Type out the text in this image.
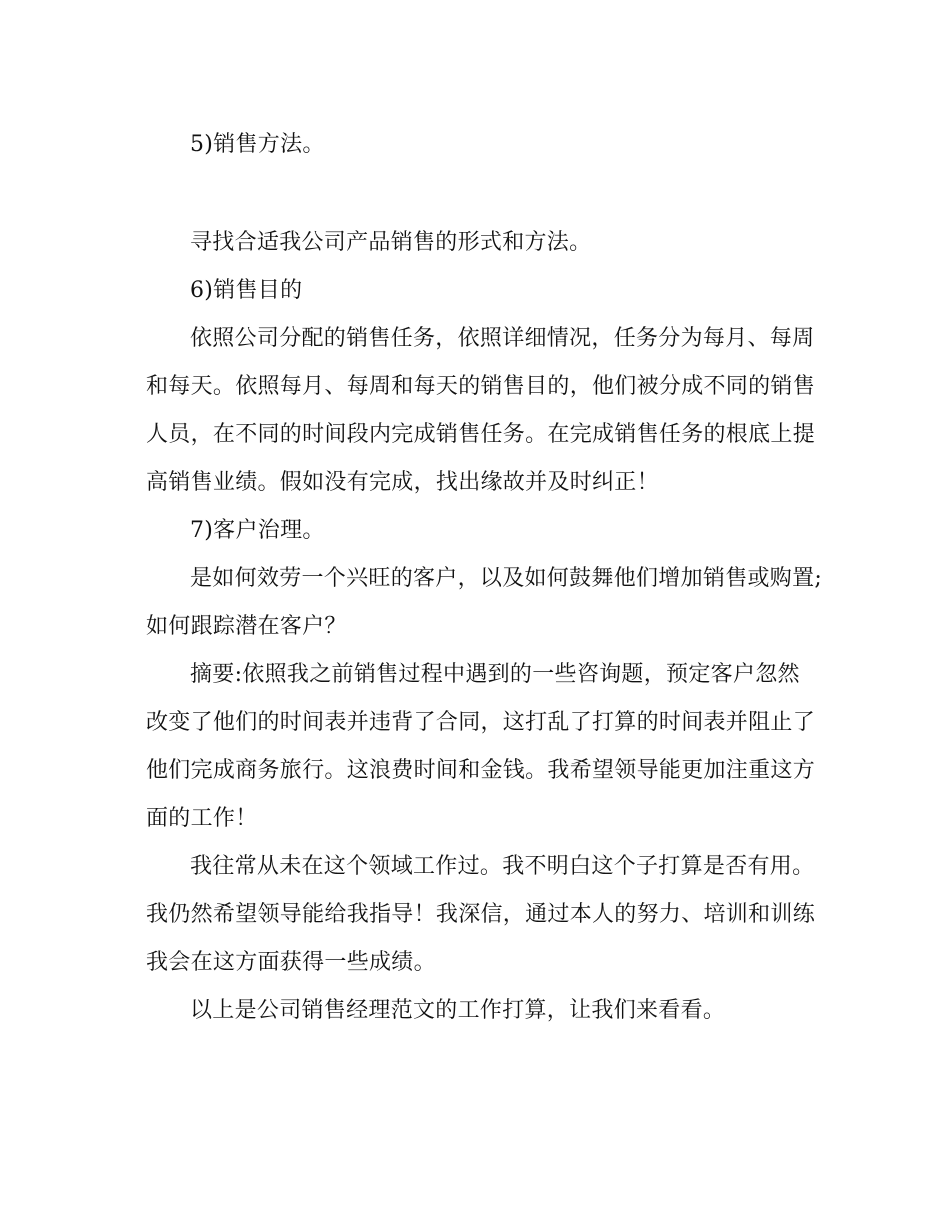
5)销售方法。
寻找合适我公司产品销售的形式和方法。
6)销售目的
依照公司分配的销售任务，依照详细情况，任务分为每月、每周
和每天。依照每月、每周和每天的销售目的，他们被分成不同的销售
人员，在不同的时间段内完成销售任务。在完成销售任务的根底上提
高销售业绩。假如没有完成，找出缘故并及时纠正！
7)客户治理。
是如何效劳一个兴旺的客户，以及如何鼓舞他们增加销售或购置;
如何跟踪潜在客户？
摘要:依照我之前销售过程中遇到的一些咨询题，预定客户忽然
改变了他们的时间表并违背了合同，这打乱了打算的时间表并阻止了
他们完成商务旅行。这浪费时间和金钱。我希望领导能更加注重这方
面的工作！
我往常从未在这个领域工作过。我不明白这个子打算是否有用。
我仍然希望领导能给我指导！我深信，通过本人的努力、培训和训练
我会在这方面获得一些成绩。
以上是公司销售经理范文的工作打算，让我们来看看。
